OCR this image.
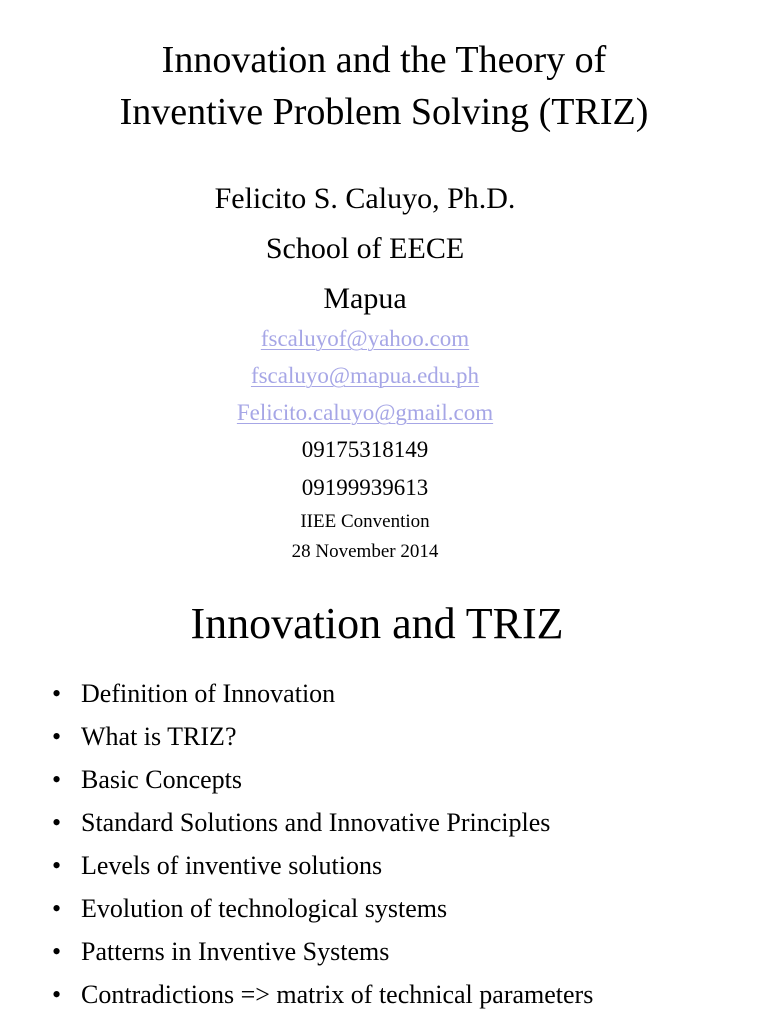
Innovation and the Theory of
Inventive Problem Solving (TRIZ)
Felicito S. Caluyo, Ph.D.
School of EECE
Mapua
fscaluyof@yahoo.com
fscaluyo@mapua.edu.ph
Felicito.caluyo@gmail.com
09175318149
09199939613
IIEE Convention
28 November 2014
Innovation and TRIZ
• Definition of Innovation
• What is TRIZ?
• Basic Concepts
• Standard Solutions and Innovative Principles
• Levels of inventive solutions
• Evolution of technological systems
• Patterns in Inventive Systems
• Contradictions => matrix of technical parameters
